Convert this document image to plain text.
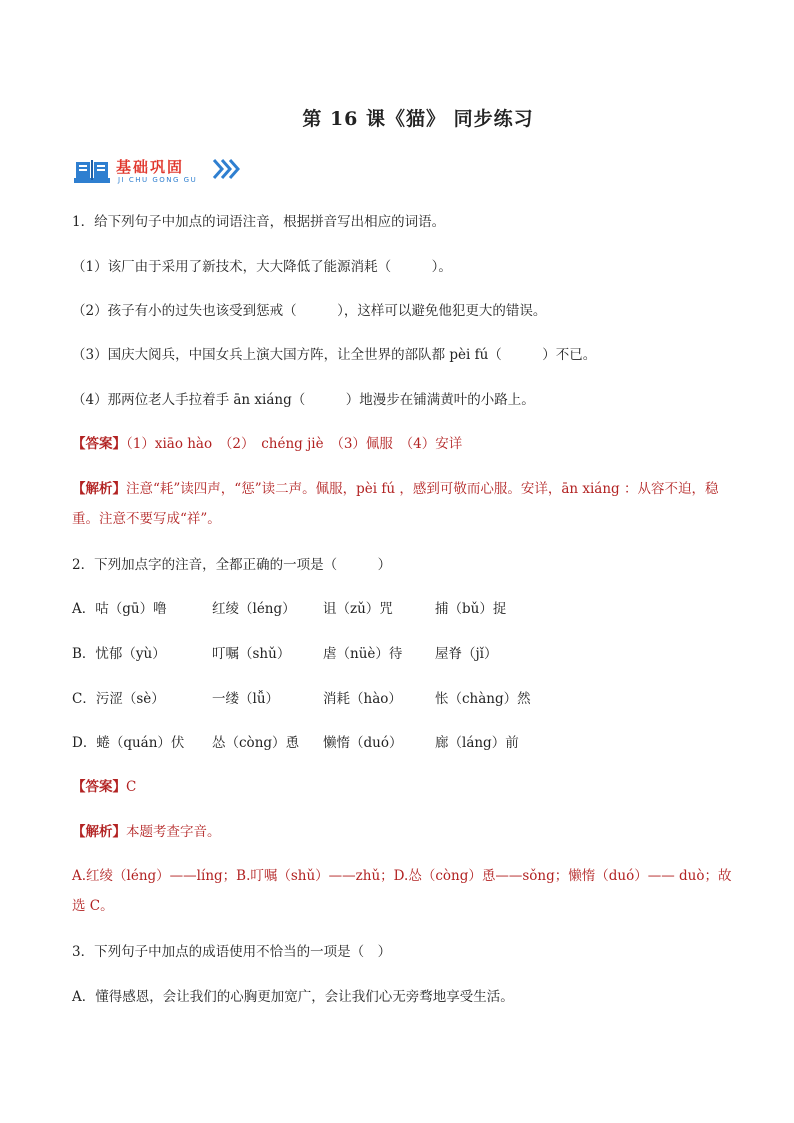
第 16 课《猫》 同步练习
基础巩固
JI CHU GONG GU
1．给下列句子中加点的词语注音，根据拼音写出相应的词语。
（1）该厂由于采用了新技术，大大降低了能源消耗（　　　）。
（2）孩子有小的过失也该受到惩戒（　　　），这样可以避免他犯更大的错误。
（3）国庆大阅兵，中国女兵上演大国方阵，让全世界的部队都 pèi fú（　　　）不已。
（4）那两位老人手拉着手 ān xiáng（　　　）地漫步在铺满黄叶的小路上。
【答案】（1）xiāo hào　（2）　chéng jiè　（3）佩服　（4）安详
【解析】注意“耗”读四声，“惩”读二声。佩服，pèi fú ，感到可敬而心服。安详，ān xiáng ：从容不迫，稳重。注意不要写成“祥”。
2．下列加点字的注音，全都正确的一项是（　　　）
A．咕（gū）噜	红绫（léng） 诅（zǔ）咒	捕（bǔ）捉
B．忧郁（yù）	叮嘱（shǔ） 虐（nüè）待 屋脊（jǐ）
C．污涩（sè）	一缕（lǚ）	消耗（hào） 怅（chàng）然
D．蜷（quán）伏 怂（còng）恿 懒惰（duó） 廊（láng）前
【答案】C
【解析】本题考查字音。
A.红绫（léng）——líng；B.叮嘱（shǔ）——zhǔ；D.怂（còng）恿——sǒng；懒惰（duó）—— duò；故选 C。
3．下列句子中加点的成语使用不恰当的一项是（　）
A．懂得感恩，会让我们的心胸更加宽广，会让我们心无旁骛地享受生活。
